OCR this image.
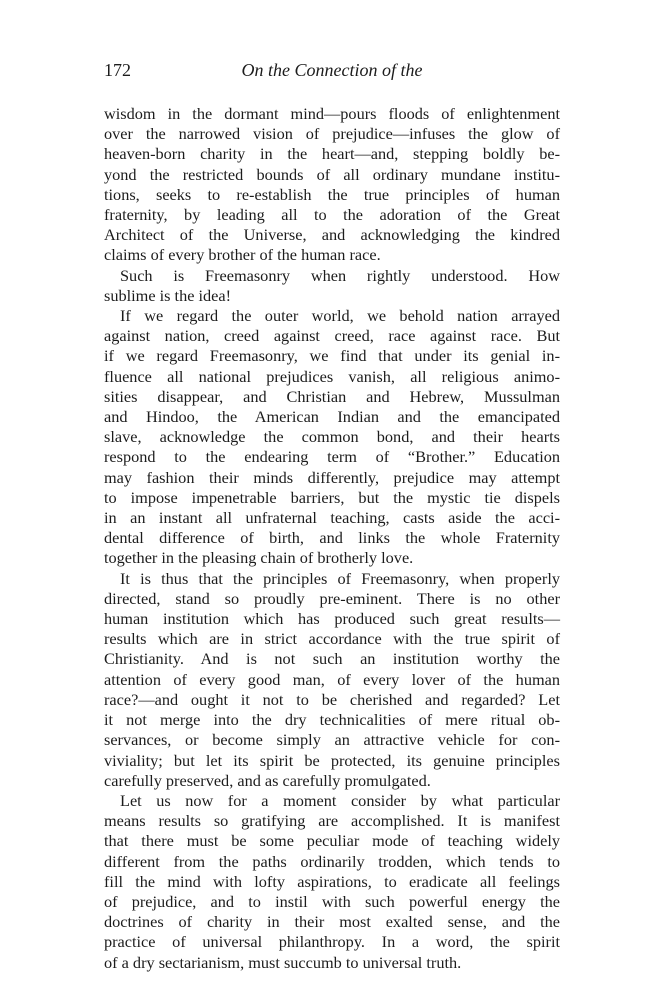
172	On the Connection of the
wisdom in the dormant mind—pours floods of enlightenment
over the narrowed vision of prejudice—infuses the glow of
heaven-born charity in the heart—and, stepping boldly be-
yond the restricted bounds of all ordinary mundane institu-
tions, seeks to re-establish the true principles of human
fraternity, by leading all to the adoration of the Great
Architect of the Universe, and acknowledging the kindred
claims of every brother of the human race.
Such is Freemasonry when rightly understood. How
sublime is the idea!
If we regard the outer world, we behold nation arrayed
against nation, creed against creed, race against race. But
if we regard Freemasonry, we find that under its genial in-
fluence all national prejudices vanish, all religious animo-
sities disappear, and Christian and Hebrew, Mussulman
and Hindoo, the American Indian and the emancipated
slave, acknowledge the common bond, and their hearts
respond to the endearing term of “Brother.” Education
may fashion their minds differently, prejudice may attempt
to impose impenetrable barriers, but the mystic tie dispels
in an instant all unfraternal teaching, casts aside the acci-
dental difference of birth, and links the whole Fraternity
together in the pleasing chain of brotherly love.
It is thus that the principles of Freemasonry, when properly
directed, stand so proudly pre-eminent. There is no other
human institution which has produced such great results—
results which are in strict accordance with the true spirit of
Christianity. And is not such an institution worthy the
attention of every good man, of every lover of the human
race?—and ought it not to be cherished and regarded? Let
it not merge into the dry technicalities of mere ritual ob-
servances, or become simply an attractive vehicle for con-
viviality; but let its spirit be protected, its genuine principles
carefully preserved, and as carefully promulgated.
Let us now for a moment consider by what particular
means results so gratifying are accomplished. It is manifest
that there must be some peculiar mode of teaching widely
different from the paths ordinarily trodden, which tends to
fill the mind with lofty aspirations, to eradicate all feelings
of prejudice, and to instil with such powerful energy the
doctrines of charity in their most exalted sense, and the
practice of universal philanthropy. In a word, the spirit
of a dry sectarianism, must succumb to universal truth.
